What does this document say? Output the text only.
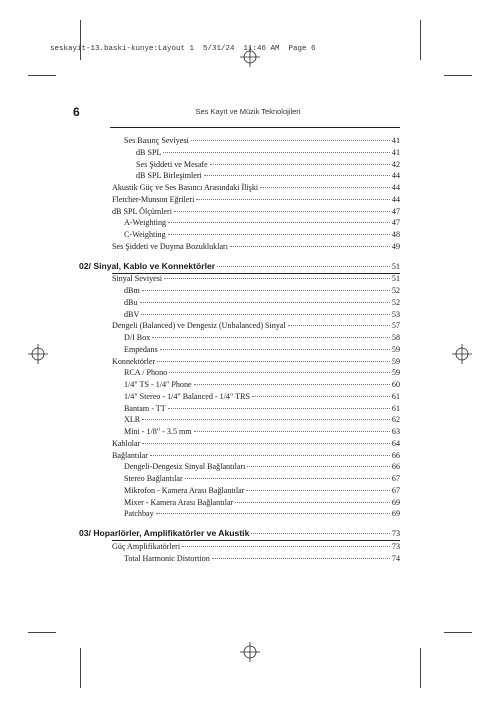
seskayit-13.baski-kunye:Layout 1  5/31/24  11:46 AM  Page 6
6	Ses Kayıt ve Müzik Teknolojileri
Ses Basınç Seviyesi	41
dB SPL	41
Ses Şiddeti ve Mesafe	42
dB SPL Birleşimleri	44
Akustik Güç ve Ses Basıncı Arasındaki İlişki	44
Fletcher-Munson Eğrileri	44
dB SPL Ölçümleri	47
A-Weighting	47
C-Weighting	48
Ses Şiddeti ve Duyma Bozuklukları	49
02/ Sinyal, Kablo ve Konnektörler	51
Sinyal Seviyesi	51
dBm	52
dBu	52
dBV	53
Dengeli (Balanced) ve Dengesiz (Unbalanced) Sinyal	57
D/I Box	58
Empedans	59
Konnektörler	59
RCA / Phono	59
1/4" TS - 1/4" Phone	60
1/4" Stereo - 1/4" Balanced - 1/4" TRS	61
Bantam - TT	61
XLR	62
Mini - 1/8" - 3.5 mm	63
Kablolar	64
Bağlantılar	66
Dengeli-Dengesiz Sinyal Bağlantıları	66
Stereo Bağlantılar	67
Mikrofon - Kamera Arası Bağlantılar	67
Mixer - Kamera Arası Bağlantılar	69
Patchbay	69
03/ Hoparlörler, Amplifikatörler ve Akustik	73
Güç Amplifikatörleri	73
Total Harmonic Distortion	74
